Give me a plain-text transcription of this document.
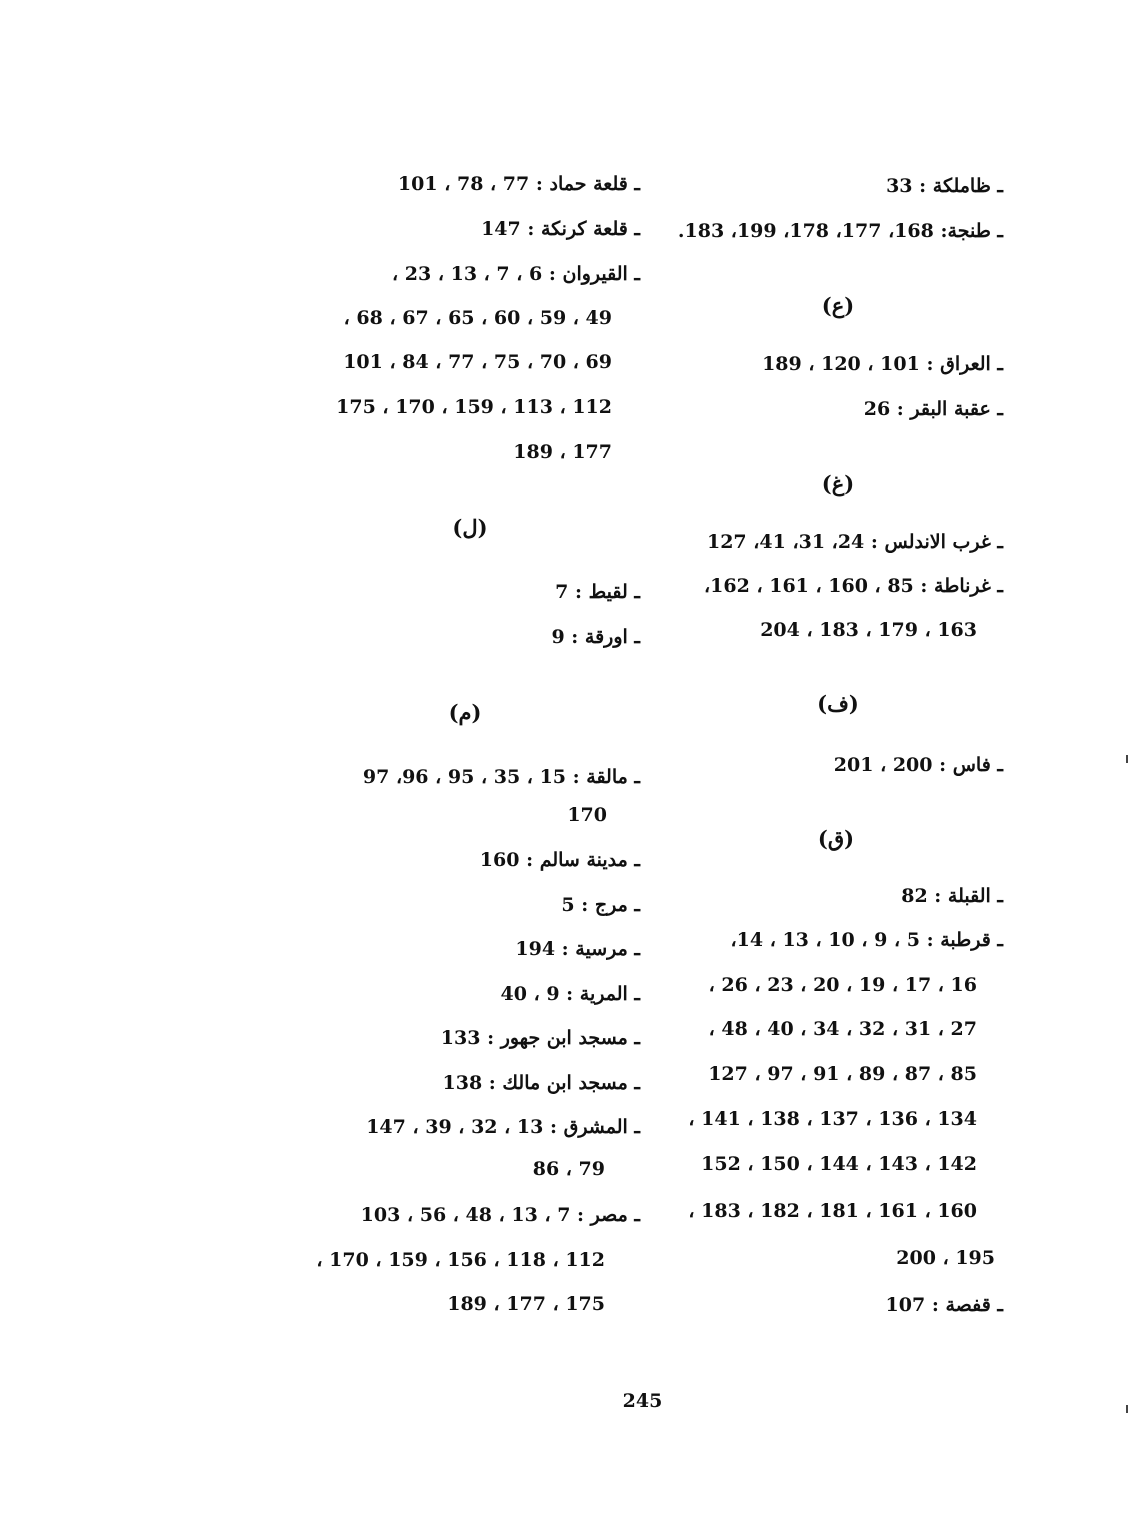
ـ قلعة حماد : 77 ، 78 ، 101
ـ قلعة كرنكة : 147
ـ القيروان : 6 ، 7 ، 13 ، 23 ،
49 ، 59 ، 60 ، 65 ، 67 ، 68 ،
69 ، 70 ، 75 ، 77 ، 84 ، 101
112 ، 113 ، 159 ، 170 ، 175
177 ، 189
(ل)
ـ لقيط : 7
ـ اورقة : 9
(م)
ـ مالقة : 15 ، 35 ، 95 ، 96، 97
170
ـ مدينة سالم : 160
ـ مرج : 5
ـ مرسية : 194
ـ المرية : 9 ، 40
ـ مسجد ابن جهور : 133
ـ مسجد ابن مالك : 138
ـ المشرق : 13 ، 32 ، 39 ، 147
79 ، 86
ـ مصر : 7 ، 13 ، 48 ، 56 ، 103
112 ، 118 ، 156 ، 159 ، 170 ،
175 ، 177 ، 189
ـ ظاملكة : 33
ـ طنجة: 168، 177، 178، 199، 183.
(ع)
ـ العراق : 101 ، 120 ، 189
ـ عقبة البقر : 26
(غ)
ـ غرب الاندلس : 24، 31، 41، 127
ـ غرناطة : 85 ، 160 ، 161 ، 162،
163 ، 179 ، 183 ، 204
(ف)
ـ فاس : 200 ، 201
(ق)
ـ القبلة : 82
ـ قرطبة : 5 ، 9 ، 10 ، 13 ، 14،
16 ، 17 ، 19 ، 20 ، 23 ، 26 ،
27 ، 31 ، 32 ، 34 ، 40 ، 48 ،
85 ، 87 ، 89 ، 91 ، 97 ، 127
134 ، 136 ، 137 ، 138 ، 141 ،
142 ، 143 ، 144 ، 150 ، 152
160 ، 161 ، 181 ، 182 ، 183 ،
195 ، 200
ـ قفصة : 107
245
